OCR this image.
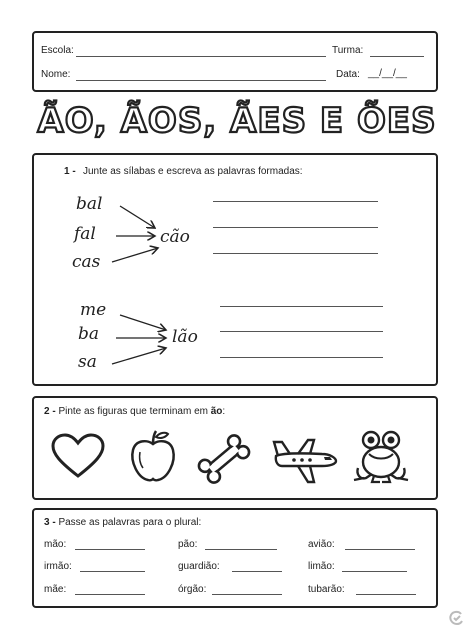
Escola:	Turma:
Nome:	Data: __/__/__
ÃO, ÃOS, ÃES E ÕES
1 - Junte as sílabas e escreva as palavras formadas:
bal
fal
cas
cão
me
ba
sa
lão
2 - Pinte as figuras que terminam em ão:
3 - Passe as palavras para o plural:
mão:	pão:	avião:
irmão:	guardião:	limão:
mãe:	órgão:	tubarão:
